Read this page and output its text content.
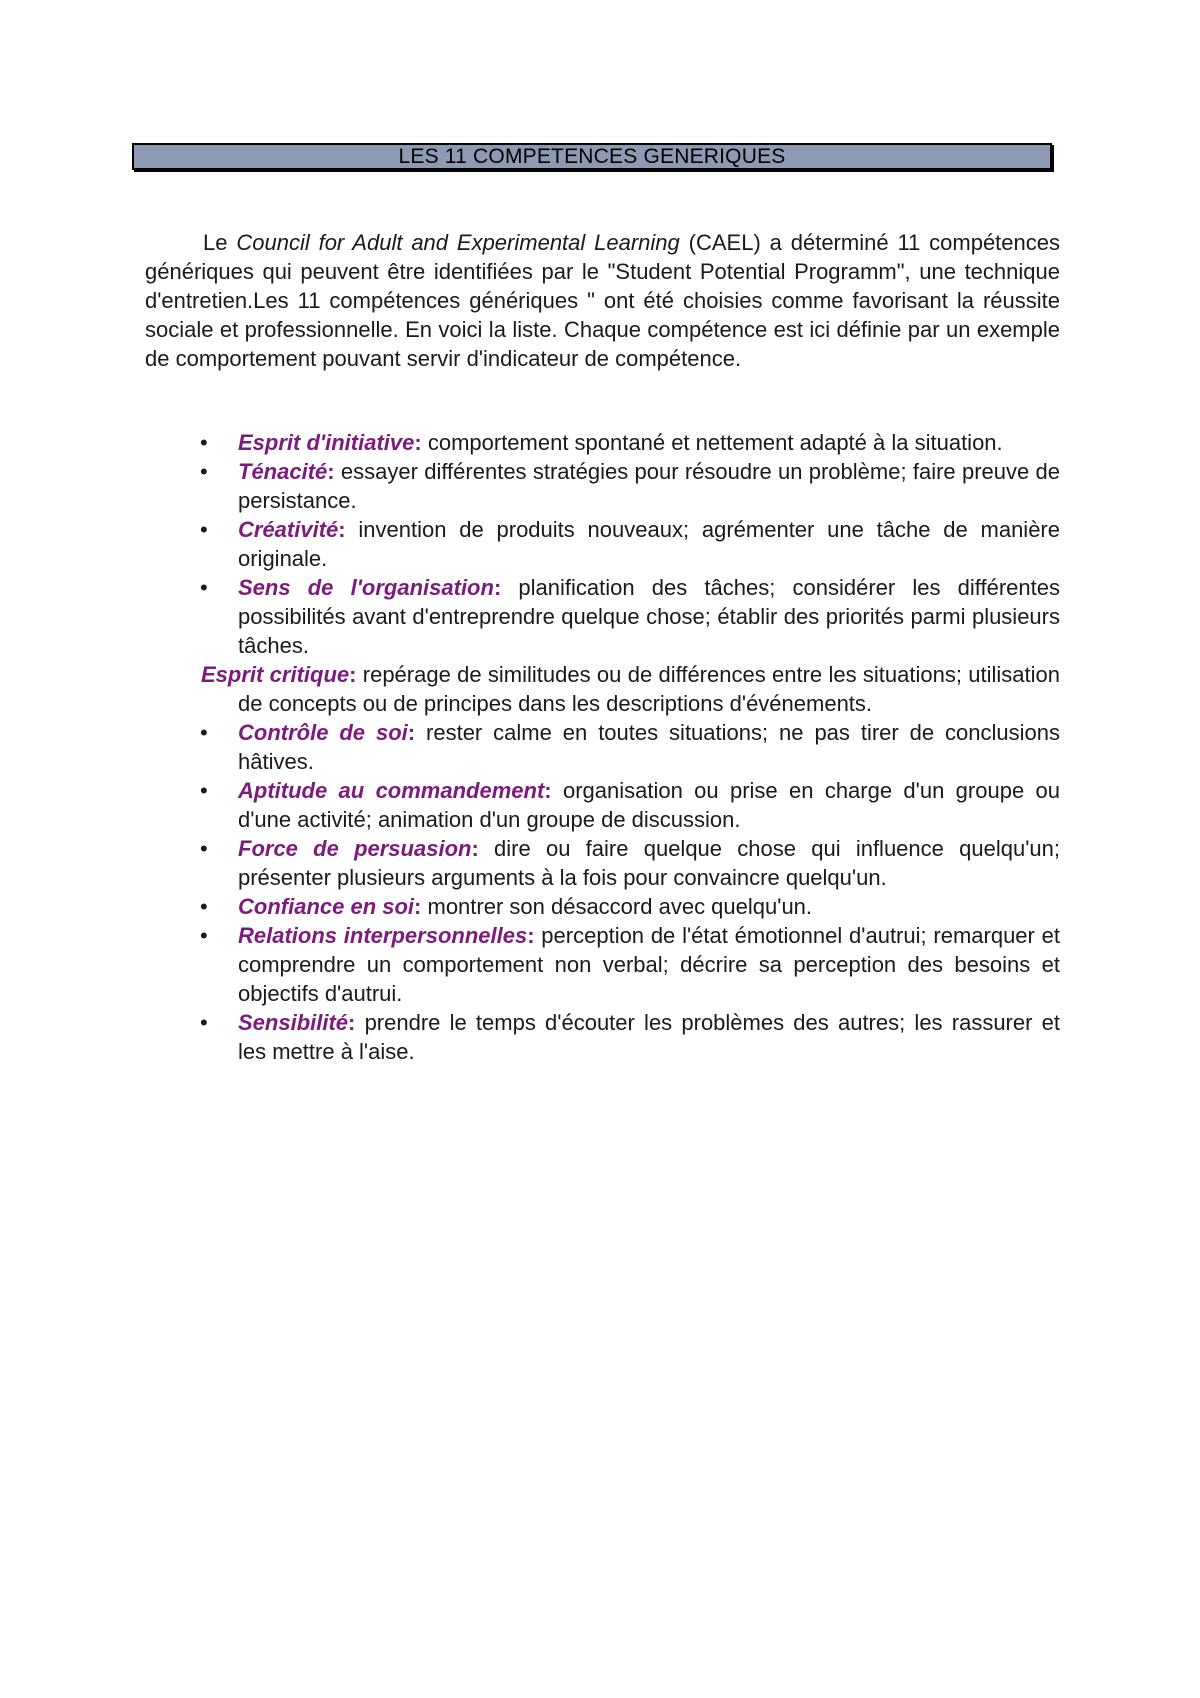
LES 11 COMPETENCES GENERIQUES

Le Council for Adult and Experimental Learning (CAEL) a déterminé 11 compétences génériques qui peuvent être identifiées par le "Student Potential Programm", une technique d'entretien.Les 11 compétences génériques " ont été choisies comme favorisant la réussite sociale et professionnelle. En voici la liste. Chaque compétence est ici définie par un exemple de comportement pouvant servir d'indicateur de compétence.

• Esprit d'initiative: comportement spontané et nettement adapté à la situation.
• Ténacité: essayer différentes stratégies pour résoudre un problème; faire preuve de persistance.
• Créativité: invention de produits nouveaux; agrémenter une tâche de manière originale.
• Sens de l'organisation: planification des tâches; considérer les différentes possibilités avant d'entreprendre quelque chose; établir des priorités parmi plusieurs tâches.
Esprit critique: repérage de similitudes ou de différences entre les situations; utilisation de concepts ou de principes dans les descriptions d'événements.
• Contrôle de soi: rester calme en toutes situations; ne pas tirer de conclusions hâtives.
• Aptitude au commandement: organisation ou prise en charge d'un groupe ou d'une activité; animation d'un groupe de discussion.
• Force de persuasion: dire ou faire quelque chose qui influence quelqu'un; présenter plusieurs arguments à la fois pour convaincre quelqu'un.
• Confiance en soi: montrer son désaccord avec quelqu'un.
• Relations interpersonnelles: perception de l'état émotionnel d'autrui; remarquer et comprendre un comportement non verbal; décrire sa perception des besoins et objectifs d'autrui.
• Sensibilité: prendre le temps d'écouter les problèmes des autres; les rassurer et les mettre à l'aise.
